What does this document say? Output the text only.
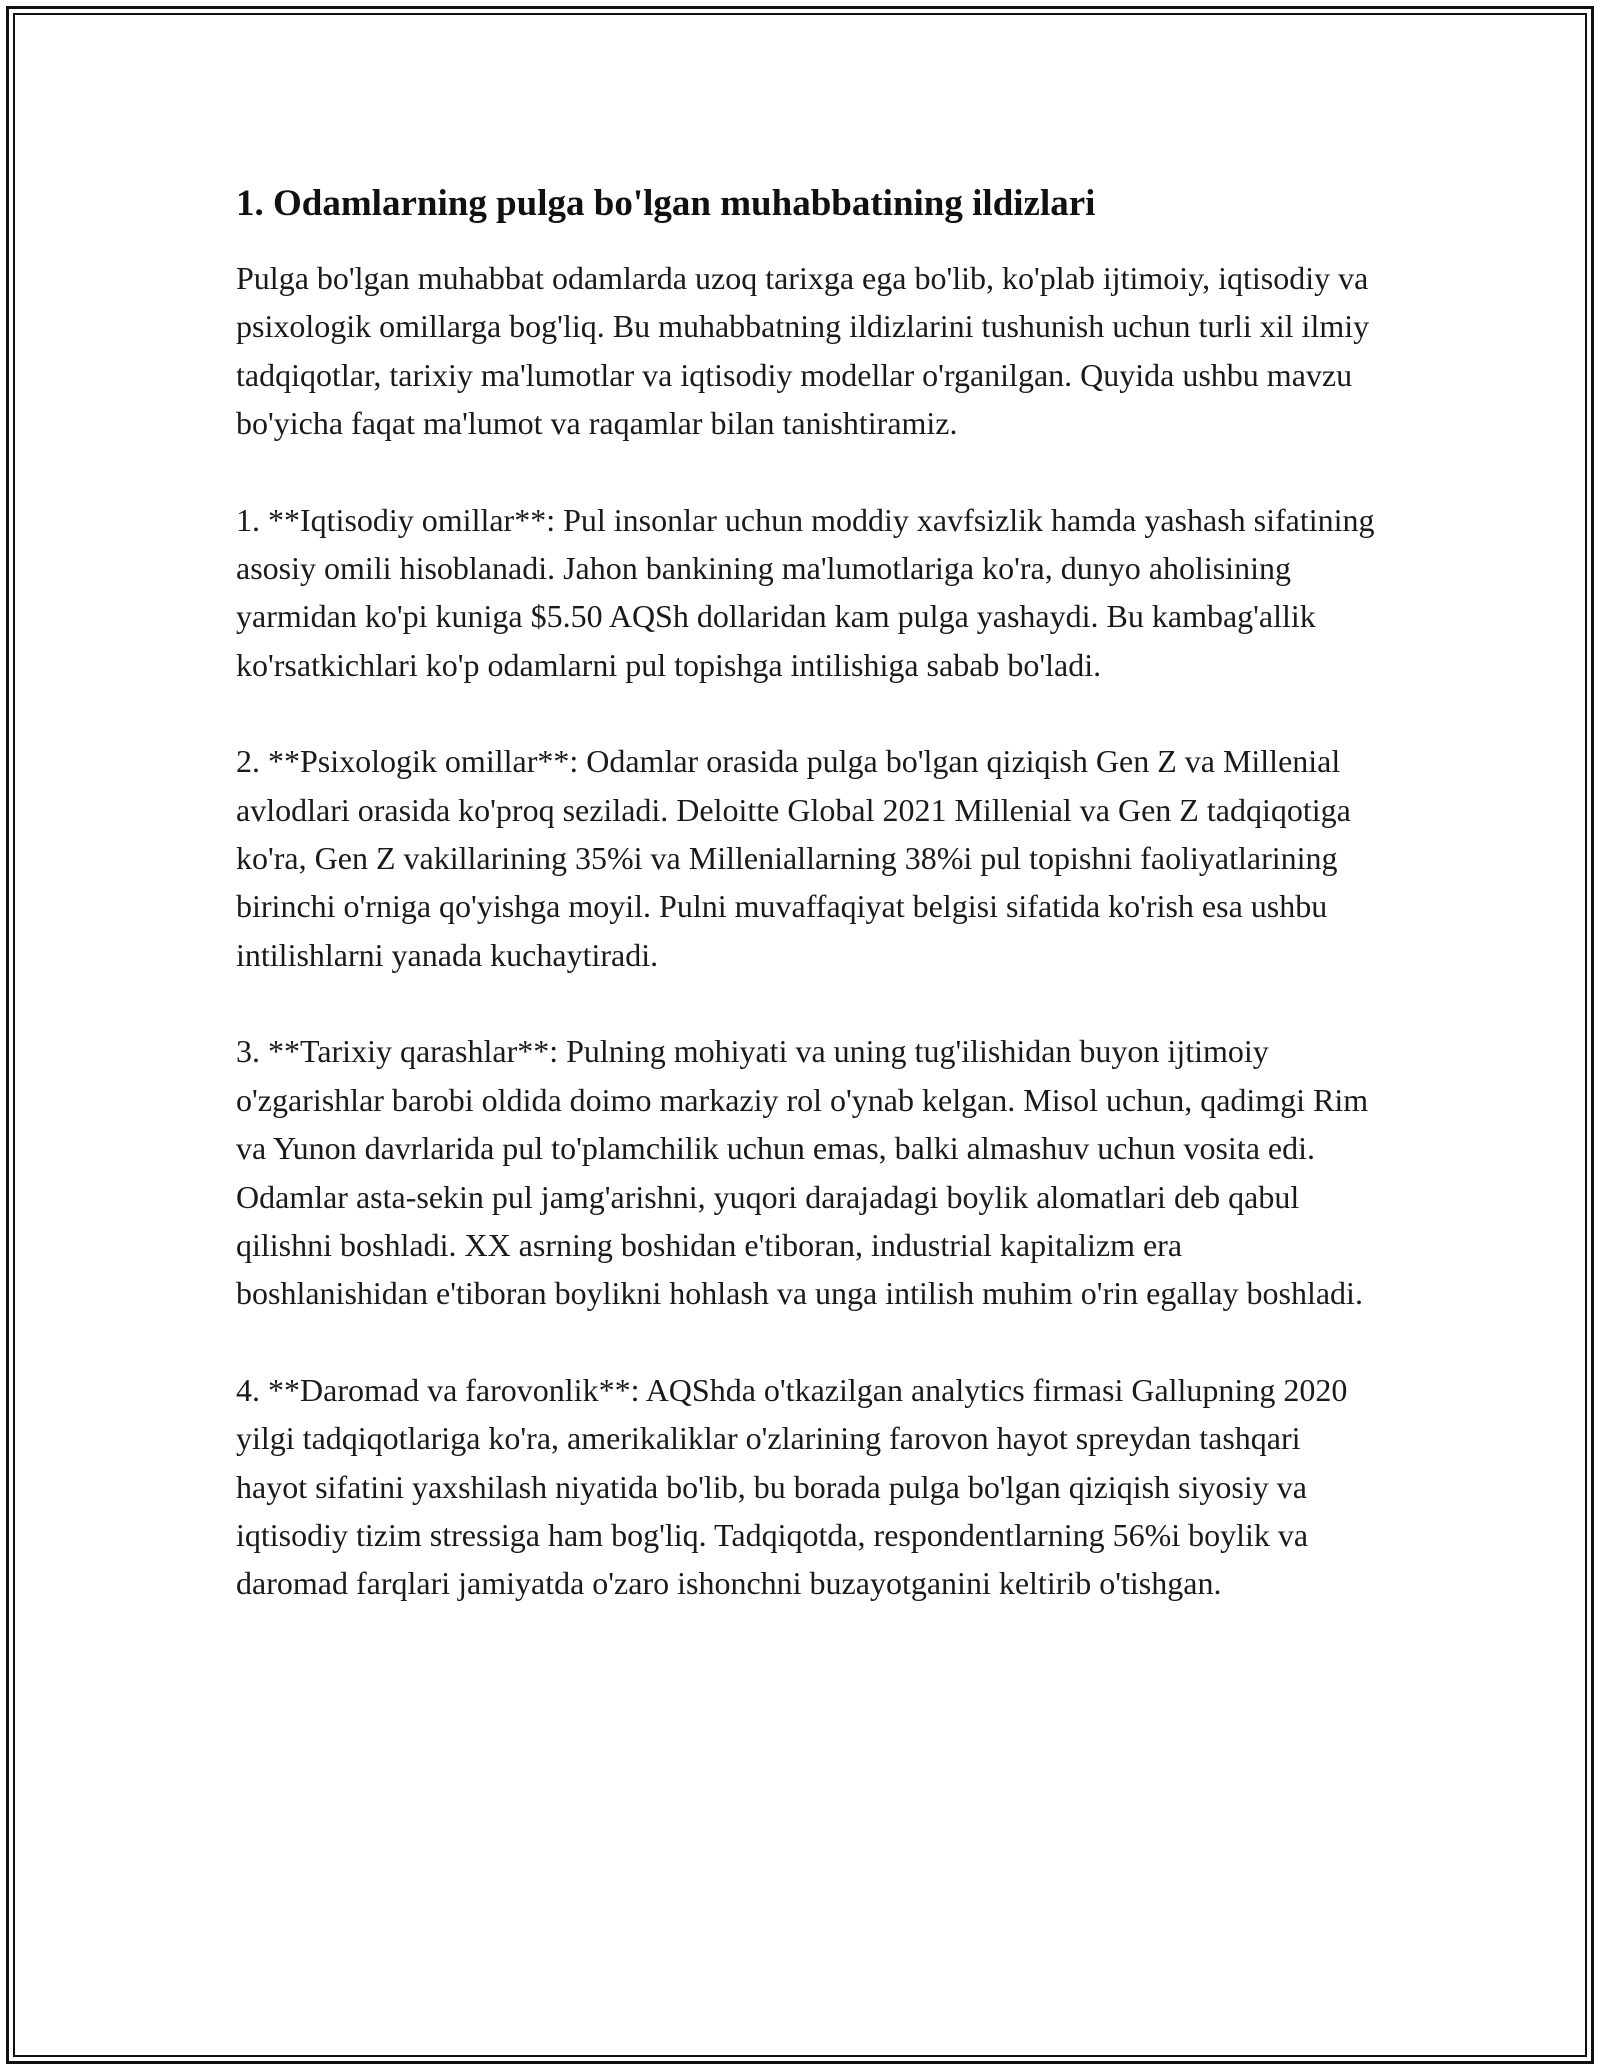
1. Odamlarning pulga bo'lgan muhabbatining ildizlari

Pulga bo'lgan muhabbat odamlarda uzoq tarixga ega bo'lib, ko'plab ijtimoiy, iqtisodiy va psixologik omillarga bog'liq. Bu muhabbatning ildizlarini tushunish uchun turli xil ilmiy tadqiqotlar, tarixiy ma'lumotlar va iqtisodiy modellar o'rganilgan. Quyida ushbu mavzu bo'yicha faqat ma'lumot va raqamlar bilan tanishtiramiz.

1. **Iqtisodiy omillar**: Pul insonlar uchun moddiy xavfsizlik hamda yashash sifatining asosiy omili hisoblanadi. Jahon bankining ma'lumotlariga ko'ra, dunyo aholisining yarmidan ko'pi kuniga $5.50 AQSh dollaridan kam pulga yashaydi. Bu kambag'allik ko'rsatkichlari ko'p odamlarni pul topishga intilishiga sabab bo'ladi.

2. **Psixologik omillar**: Odamlar orasida pulga bo'lgan qiziqish Gen Z va Millenial avlodlari orasida ko'proq seziladi. Deloitte Global 2021 Millenial va Gen Z tadqiqotiga ko'ra, Gen Z vakillarining 35%i va Milleniallarning 38%i pul topishni faoliyatlarining birinchi o'rniga qo'yishga moyil. Pulni muvaffaqiyat belgisi sifatida ko'rish esa ushbu intilishlarni yanada kuchaytiradi.

3. **Tarixiy qarashlar**: Pulning mohiyati va uning tug'ilishidan buyon ijtimoiy o'zgarishlar barobi oldida doimo markaziy rol o'ynab kelgan. Misol uchun, qadimgi Rim va Yunon davrlarida pul to'plamchilik uchun emas, balki almashuv uchun vosita edi. Odamlar asta-sekin pul jamg'arishni, yuqori darajadagi boylik alomatlari deb qabul qilishni boshladi. XX asrning boshidan e'tiboran, industrial kapitalizm era boshlanishidan e'tiboran boylikni hohlash va unga intilish muhim o'rin egallay boshladi.

4. **Daromad va farovonlik**: AQShda o'tkazilgan analytics firmasi Gallupning 2020 yilgi tadqiqotlariga ko'ra, amerikaliklar o'zlarining farovon hayot spreydan tashqari hayot sifatini yaxshilash niyatida bo'lib, bu borada pulga bo'lgan qiziqish siyosiy va iqtisodiy tizim stressiga ham bog'liq. Tadqiqotda, respondentlarning 56%i boylik va daromad farqlari jamiyatda o'zaro ishonchni buzayotganini keltirib o'tishgan.
